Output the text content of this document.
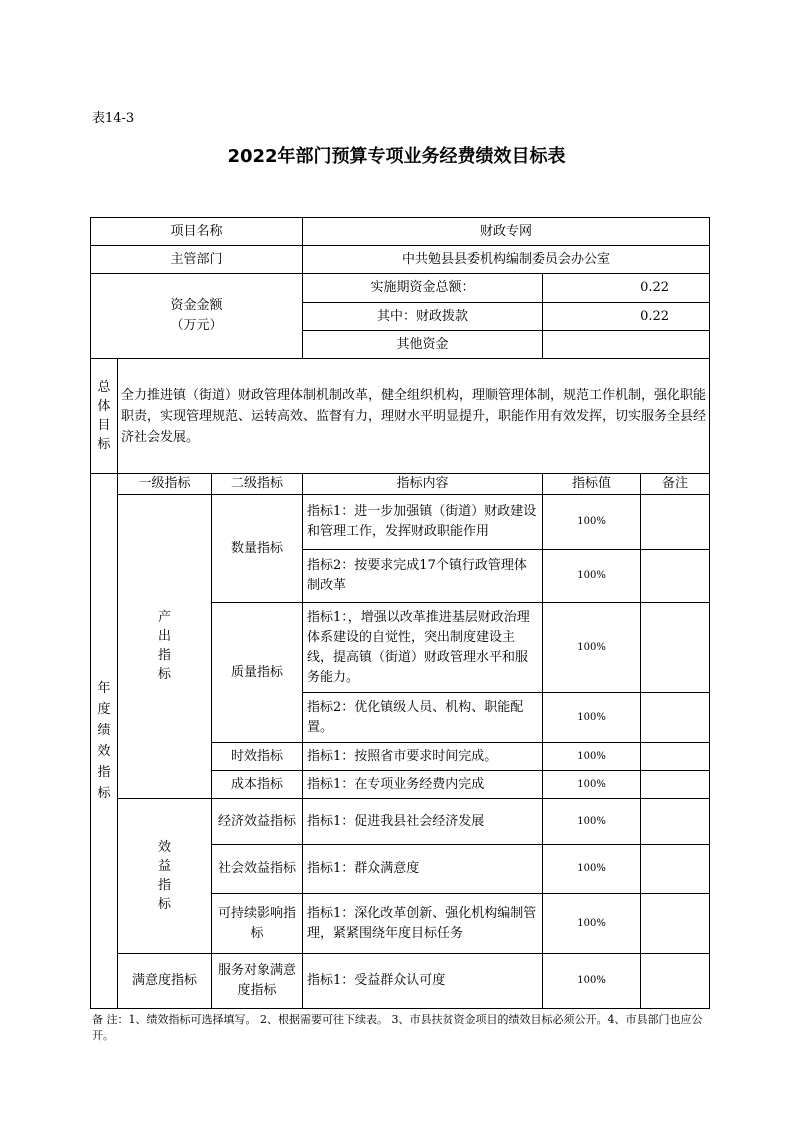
表14-3
2022年部门预算专项业务经费绩效目标表
项目名称			财政专网		
主管部门			中共勉县县委机构编制委员会办公室		

资金金额
（万元）			实施期资金总额：	0.22	
			其中：财政拨款	0.22	
			其他资金		
总体目标	全力推进镇（街道）财政管理体制机制改革，健全组织机构，理顺管理体制，规范工作机制，强化职能职责，实现管理规范、运转高效、监督有力，理财水平明显提升，职能作用有效发挥，切实服务全县经济社会发展。				
年度绩效指标	一级指标	二级指标	指标内容	指标值	备注
	产出指标	数量指标	指标1：进一步加强镇（街道）财政建设和管理工作，发挥财政职能作用	100%	
			指标2：按要求完成17个镇行政管理体制改革	100%	
		质量指标	指标1：，增强以改革推进基层财政治理体系建设的自觉性，突出制度建设主线，提高镇（街道）财政管理水平和服务能力。	100%	
			指标2：优化镇级人员、机构、职能配置。	100%	
		时效指标	指标1：按照省市要求时间完成。	100%	
		成本指标	指标1：在专项业务经费内完成	100%	
	效益指标	经济效益指标	指标1：促进我县社会经济发展	100%	
		社会效益指标	指标1：群众满意度	100%	
		可持续影响指标	指标1：深化改革创新、强化机构编制管理，紧紧围绕年度目标任务	100%	
	满意度指标	服务对象满意度指标	指标1：受益群众认可度	100%	
备 注：1、绩效指标可选择填写。 2、根据需要可往下续表。 3、市县扶贫资金项目的绩效目标必须公开。4、市县部门也应公开。
